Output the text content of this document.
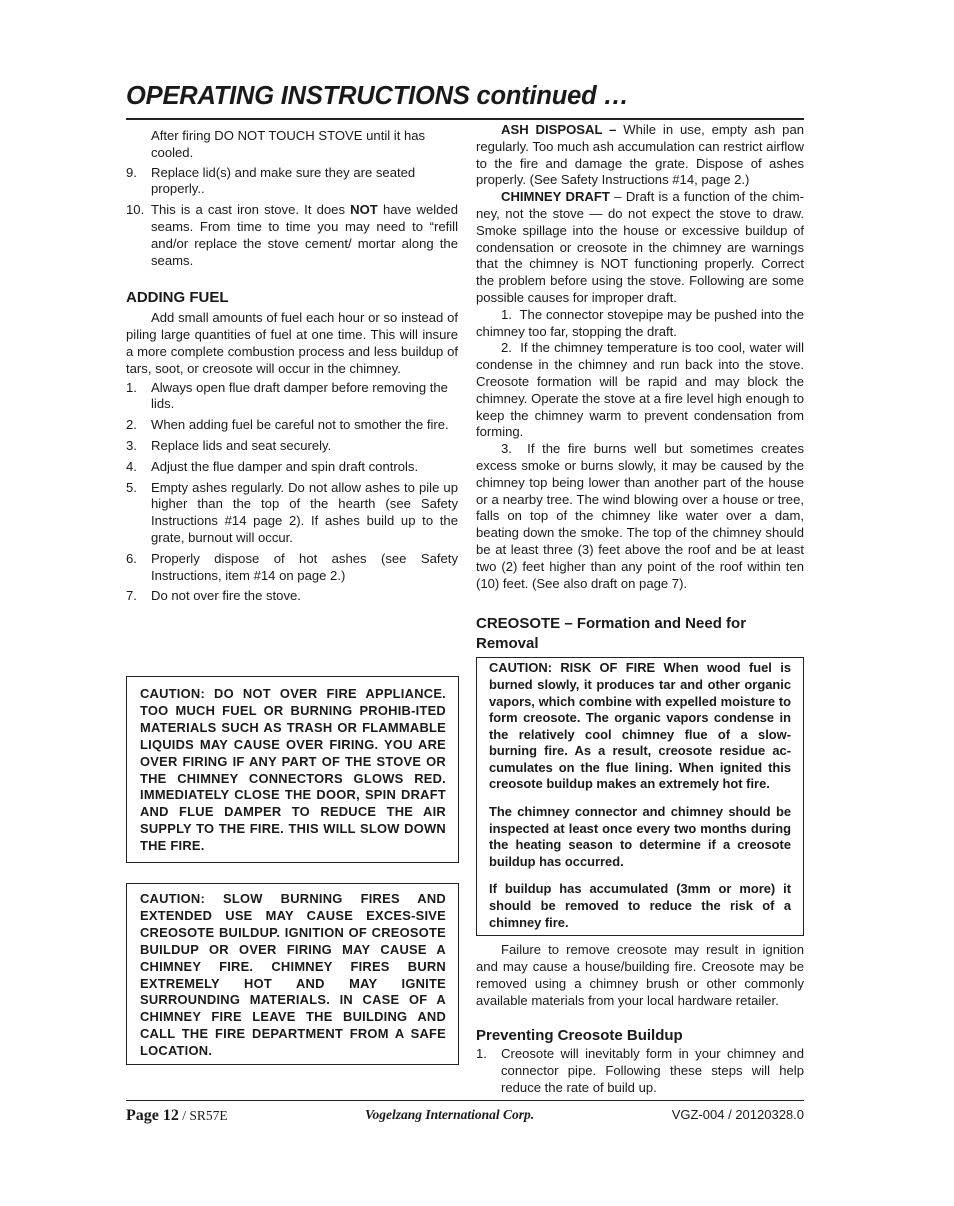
OPERATING INSTRUCTIONS continued …

After firing DO NOT TOUCH STOVE until it has cooled.

9. Replace lid(s) and make sure they are seated properly..
10. This is a cast iron stove. It does NOT have welded seams. From time to time you may need to “refill and/or replace the stove cement/ mortar along the seams.
ADDING FUEL

Add small amounts of fuel each hour or so instead of piling large quantities of fuel at one time. This will insure a more complete combustion process and less buildup of tars, soot, or creosote will occur in the chimney.

1. Always open flue draft damper before removing the lids.
2. When adding fuel be careful not to smother the fire.
3. Replace lids and seat securely.
4. Adjust the flue damper and spin draft controls.
5. Empty ashes regularly. Do not allow ashes to pile up higher than the top of the hearth (see Safety Instructions #14 page 2). If ashes build up to the grate, burnout will occur.
6. Properly dispose of hot ashes (see Safety Instructions, item #14 on page 2.)
7. Do not over fire the stove.
CAUTION: DO NOT OVER FIRE APPLIANCE. TOO MUCH FUEL OR BURNING PROHIB-ITED MATERIALS SUCH AS TRASH OR FLAMMABLE LIQUIDS MAY CAUSE OVER FIRING. YOU ARE OVER FIRING IF ANY PART OF THE STOVE OR THE CHIMNEY CONNECTORS GLOWS RED. IMMEDIATELY CLOSE THE DOOR, SPIN DRAFT AND FLUE DAMPER TO REDUCE THE AIR SUPPLY TO THE FIRE. THIS WILL SLOW DOWN THE FIRE.
CAUTION: SLOW BURNING FIRES AND EXTENDED USE MAY CAUSE EXCES-SIVE CREOSOTE BUILDUP. IGNITION OF CREOSOTE BUILDUP OR OVER FIRING MAY CAUSE A CHIMNEY FIRE. CHIMNEY FIRES BURN EXTREMELY HOT AND MAY IGNITE SURROUNDING MATERIALS. IN CASE OF A CHIMNEY FIRE LEAVE THE BUILDING AND CALL THE FIRE DEPARTMENT FROM A SAFE LOCATION.

ASH DISPOSAL – While in use, empty ash pan regularly. Too much ash accumulation can restrict airflow to the fire and damage the grate. Dispose of ashes properly. (See Safety Instructions #14, page 2.)

CHIMNEY DRAFT – Draft is a function of the chim-ney, not the stove — do not expect the stove to draw. Smoke spillage into the house or excessive buildup of condensation or creosote in the chimney are warnings that the chimney is NOT functioning properly. Correct the problem before using the stove. Following are some possible causes for improper draft.

1.  The connector stovepipe may be pushed into the chimney too far, stopping the draft.

2.  If the chimney temperature is too cool, water will condense in the chimney and run back into the stove. Creosote formation will be rapid and may block the chimney. Operate the stove at a fire level high enough to keep the chimney warm to prevent condensation from forming.

3.  If the fire burns well but sometimes creates excess smoke or burns slowly, it may be caused by the chimney top being lower than another part of the house or a nearby tree. The wind blowing over a house or tree, falls on top of the chimney like water over a dam, beating down the smoke. The top of the chimney should be at least three (3) feet above the roof and be at least two (2) feet higher than any point of the roof within ten (10) feet. (See also draft on page 7).

CREOSOTE – Formation and Need for Removal

CAUTION: RISK OF FIRE When wood fuel is burned slowly, it produces tar and other organic vapors, which combine with expelled moisture to form creosote. The organic vapors condense in the relatively cool chimney flue of a slow-burning fire. As a result, creosote residue ac-cumulates on the flue lining. When ignited this creosote buildup makes an extremely hot fire.

The chimney connector and chimney should be inspected at least once every two months during the heating season to determine if a creosote buildup has occurred.

If buildup has accumulated (3mm or more) it should be removed to reduce the risk of a chimney fire.

Failure to remove creosote may result in ignition and may cause a house/building fire. Creosote may be removed using a chimney brush or other commonly available materials from your local hardware retailer.

Preventing Creosote Buildup
1. Creosote will inevitably form in your chimney and connector pipe. Following these steps will help reduce the rate of build up.
Page 12 / SR57E	Vogelzang International Corp.	VGZ-004 / 20120328.0
